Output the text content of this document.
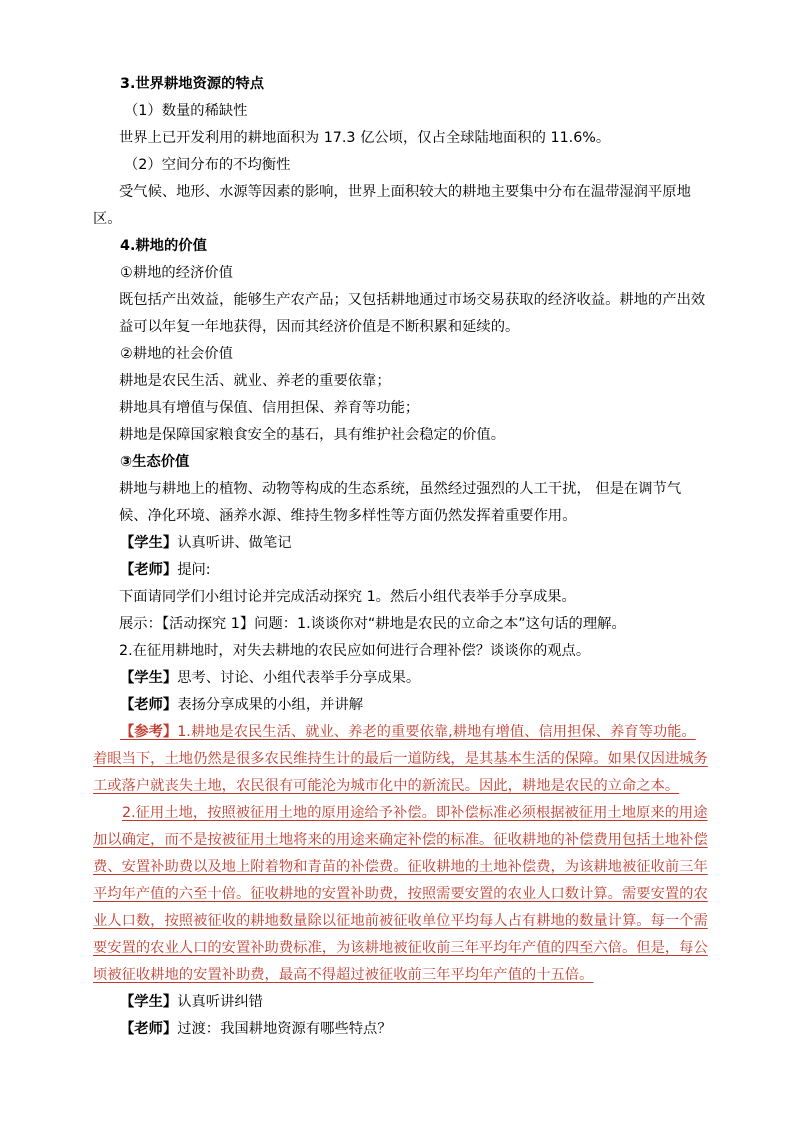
3.世界耕地资源的特点
（1）数量的稀缺性
世界上已开发利用的耕地面积为 17.3 亿公顷，仅占全球陆地面积的 11.6%。
（2）空间分布的不均衡性
受气候、地形、水源等因素的影响，世界上面积较大的耕地主要集中分布在温带湿润平原地
区。
4.耕地的价值
①耕地的经济价值
既包括产出效益，能够生产农产品；又包括耕地通过市场交易获取的经济收益。耕地的产出效
益可以年复一年地获得，因而其经济价值是不断积累和延续的。
②耕地的社会价值
耕地是农民生活、就业、养老的重要依靠；
耕地具有增值与保值、信用担保、养育等功能；
耕地是保障国家粮食安全的基石，具有维护社会稳定的价值。
③生态价值
耕地与耕地上的植物、动物等构成的生态系统，虽然经过强烈的人工干扰， 但是在调节气
候、净化环境、涵养水源、维持生物多样性等方面仍然发挥着重要作用。
【学生】认真听讲、做笔记
【老师】提问:
下面请同学们小组讨论并完成活动探究 1。然后小组代表举手分享成果。
展示：【活动探究 1】问题：1.谈谈你对“耕地是农民的立命之本”这句话的理解。
2.在征用耕地时，对失去耕地的农民应如何进行合理补偿？谈谈你的观点。
【学生】思考、讨论、小组代表举手分享成果。
【老师】表扬分享成果的小组，并讲解
【参考】1.耕地是农民生活、就业、养老的重要依靠,耕地有增值、信用担保、养育等功能。
着眼当下，土地仍然是很多农民维持生计的最后一道防线，是其基本生活的保障。如果仅因进城务
工或落户就丧失土地，农民很有可能沦为城市化中的新流民。因此，耕地是农民的立命之本。
2.征用土地，按照被征用土地的原用途给予补偿。即补偿标准必须根据被征用土地原来的用途
加以确定，而不是按被征用土地将来的用途来确定补偿的标准。征收耕地的补偿费用包括土地补偿
费、安置补助费以及地上附着物和青苗的补偿费。征收耕地的土地补偿费，为该耕地被征收前三年
平均年产值的六至十倍。征收耕地的安置补助费，按照需要安置的农业人口数计算。需要安置的农
业人口数，按照被征收的耕地数量除以征地前被征收单位平均每人占有耕地的数量计算。每一个需
要安置的农业人口的安置补助费标准，为该耕地被征收前三年平均年产值的四至六倍。但是，每公
顷被征收耕地的安置补助费，最高不得超过被征收前三年平均年产值的十五倍。
【学生】认真听讲纠错
【老师】过渡：我国耕地资源有哪些特点？
